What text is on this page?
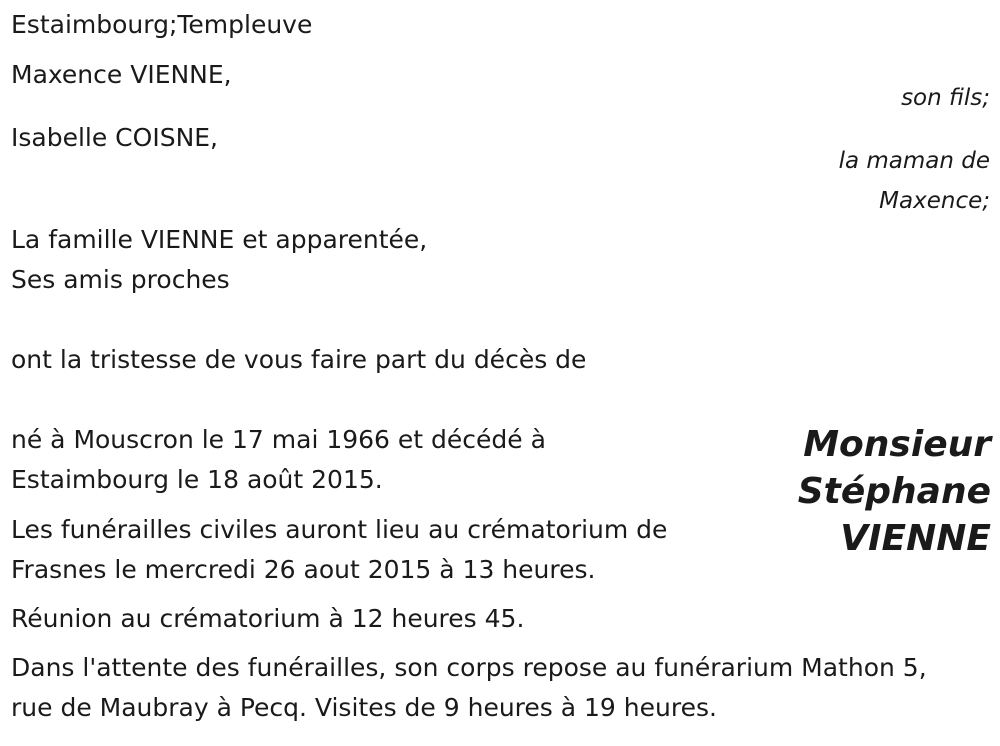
Estaimbourg;Templeuve

Maxence VIENNE,

son fils;

Isabelle COISNE,

la maman de

Maxence;

La famille VIENNE et apparentée,

Ses amis proches

ont la tristesse de vous faire part du décès de

né à Mouscron le 17 mai 1966 et décédé à

Estaimbourg le 18 août 2015.

Les funérailles civiles auront lieu au crématorium de

Frasnes le mercredi 26 aout 2015 à 13 heures.

Réunion au crématorium à 12 heures 45.

Dans l'attente des funérailles, son corps repose au funérarium Mathon 5,

rue de Maubray à Pecq. Visites de 9 heures à 19 heures.

Monsieur
Stéphane
VIENNE
